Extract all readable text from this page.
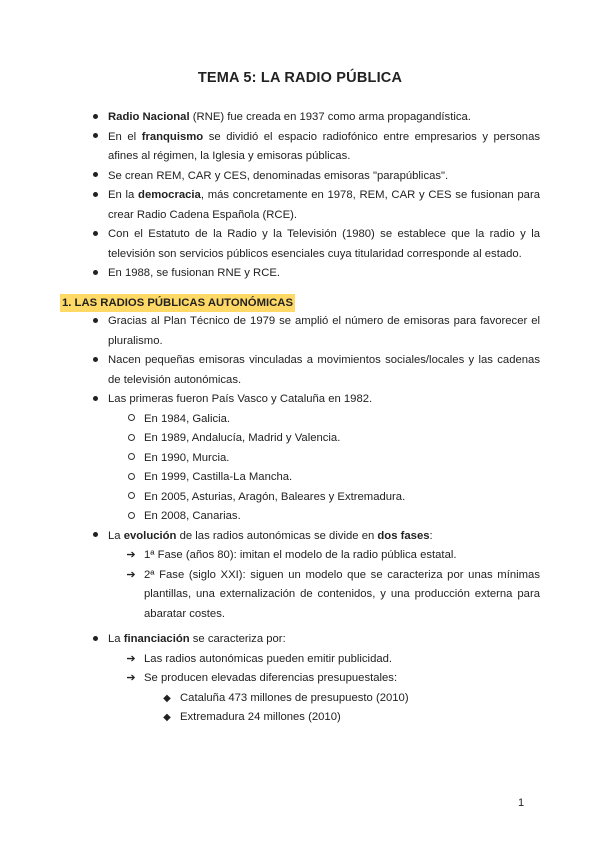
TEMA 5: LA RADIO PÚBLICA
Radio Nacional (RNE) fue creada en 1937 como arma propagandística.
En el franquismo se dividió el espacio radiofónico entre empresarios y personas afines al régimen, la Iglesia y emisoras públicas.
Se crean REM, CAR y CES, denominadas emisoras "parapúblicas".
En la democracia, más concretamente en 1978, REM, CAR y CES se fusionan para crear Radio Cadena Española (RCE).
Con el Estatuto de la Radio y la Televisión (1980) se establece que la radio y la televisión son servicios públicos esenciales cuya titularidad corresponde al estado.
En 1988, se fusionan RNE y RCE.
1. LAS RADIOS PÚBLICAS AUTONÓMICAS
Gracias al Plan Técnico de 1979 se amplió el número de emisoras para favorecer el pluralismo.
Nacen pequeñas emisoras vinculadas a movimientos sociales/locales y las cadenas de televisión autonómicas.
Las primeras fueron País Vasco y Cataluña en 1982.
En 1984, Galicia.
En 1989, Andalucía, Madrid y Valencia.
En 1990, Murcia.
En 1999, Castilla-La Mancha.
En 2005, Asturias, Aragón, Baleares y Extremadura.
En 2008, Canarias.
La evolución de las radios autonómicas se divide en dos fases:
➔ 1ª Fase (años 80): imitan el modelo de la radio pública estatal.
➔ 2ª Fase (siglo XXI): siguen un modelo que se caracteriza por unas mínimas plantillas, una externalización de contenidos, y una producción externa para abaratar costes.
La financiación se caracteriza por:
➔ Las radios autonómicas pueden emitir publicidad.
➔ Se producen elevadas diferencias presupuestales:
◆ Cataluña 473 millones de presupuesto (2010)
◆ Extremadura 24 millones (2010)
1
